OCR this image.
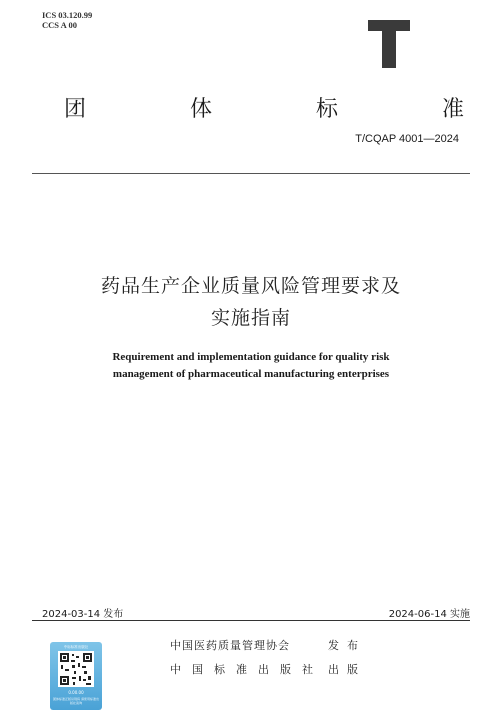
ICS 03.120.99
CCS A 00
团	体	标	准
T/CQAP 4001—2024
药品生产企业质量风险管理要求及
实施指南
Requirement and implementation guidance for quality risk
management of pharmaceutical manufacturing enterprises
2024-03-14 发布	2024-06-14 实施
中标标准出版社
0.00.00
团体标准正版识别码 请使用标准出版社查询
中国医药质量管理协会	发布
中国标准出版社 出版
